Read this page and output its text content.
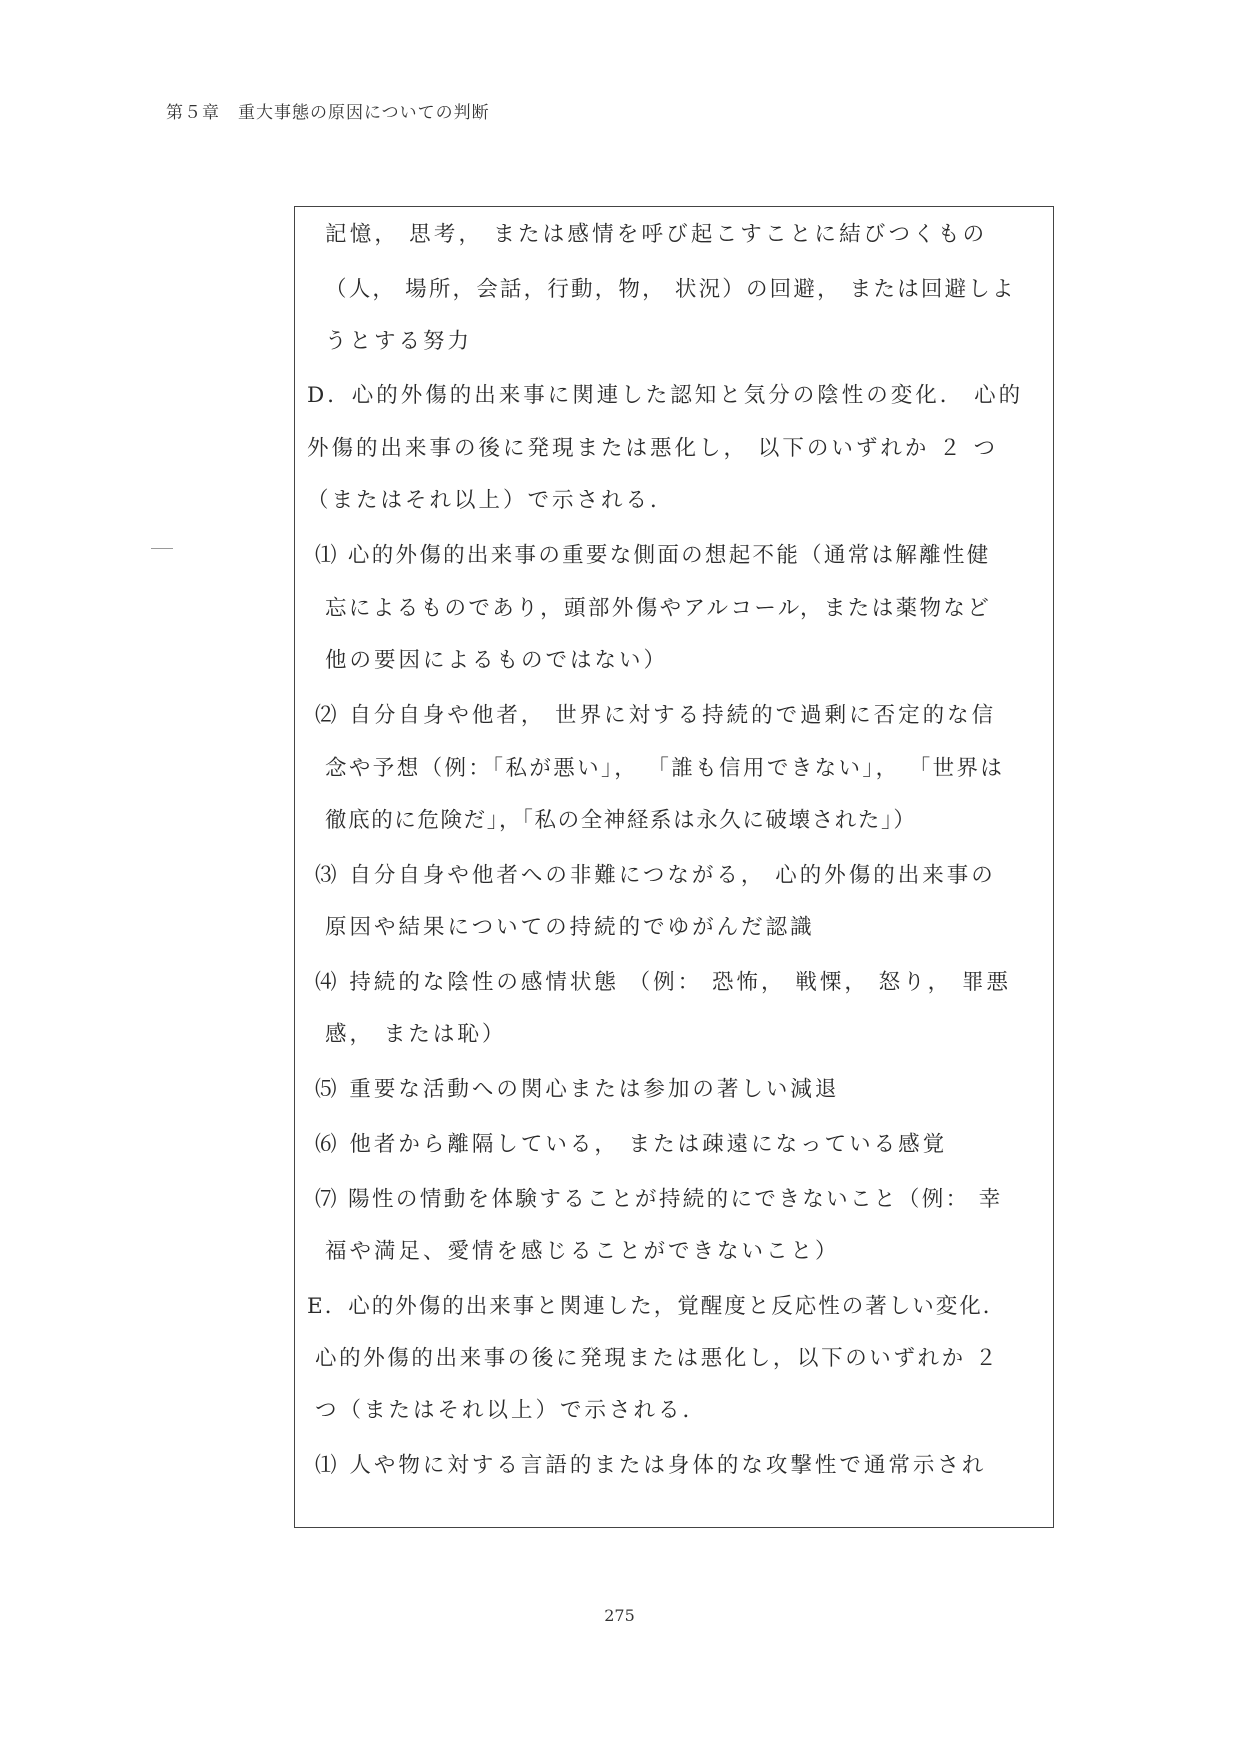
第５章　重大事態の原因についての判断
記憶， 思考， または感情を呼び起こすことに結びつくもの
（人， 場所，会話，行動，物， 状況）の回避， または回避しよ
うとする努力
D．心的外傷的出来事に関連した認知と気分の陰性の変化． 心的
外傷的出来事の後に発現または悪化し， 以下のいずれか ２ つ
（またはそれ以上）で示される．
⑴ 心的外傷的出来事の重要な側面の想起不能（通常は解離性健
忘によるものであり，頭部外傷やアルコール，または薬物など
他の要因によるものではない）
⑵ 自分自身や他者， 世界に対する持続的で過剰に否定的な信
念や予想（例：「私が悪い」， 「誰も信用できない」， 「世界は
徹底的に危険だ」，「私の全神経系は永久に破壊された」）
⑶ 自分自身や他者への非難につながる， 心的外傷的出来事の
原因や結果についての持続的でゆがんだ認識
⑷ 持続的な陰性の感情状態 （例： 恐怖， 戦慄， 怒り， 罪悪
感， または恥）
⑸ 重要な活動への関心または参加の著しい減退
⑹ 他者から離隔している， または疎遠になっている感覚
⑺ 陽性の情動を体験することが持続的にできないこと（例： 幸
福や満足、愛情を感じることができないこと）
E．心的外傷的出来事と関連した，覚醒度と反応性の著しい変化．
心的外傷的出来事の後に発現または悪化し，以下のいずれか ２
つ（またはそれ以上）で示される．
⑴ 人や物に対する言語的または身体的な攻撃性で通常示され
275
